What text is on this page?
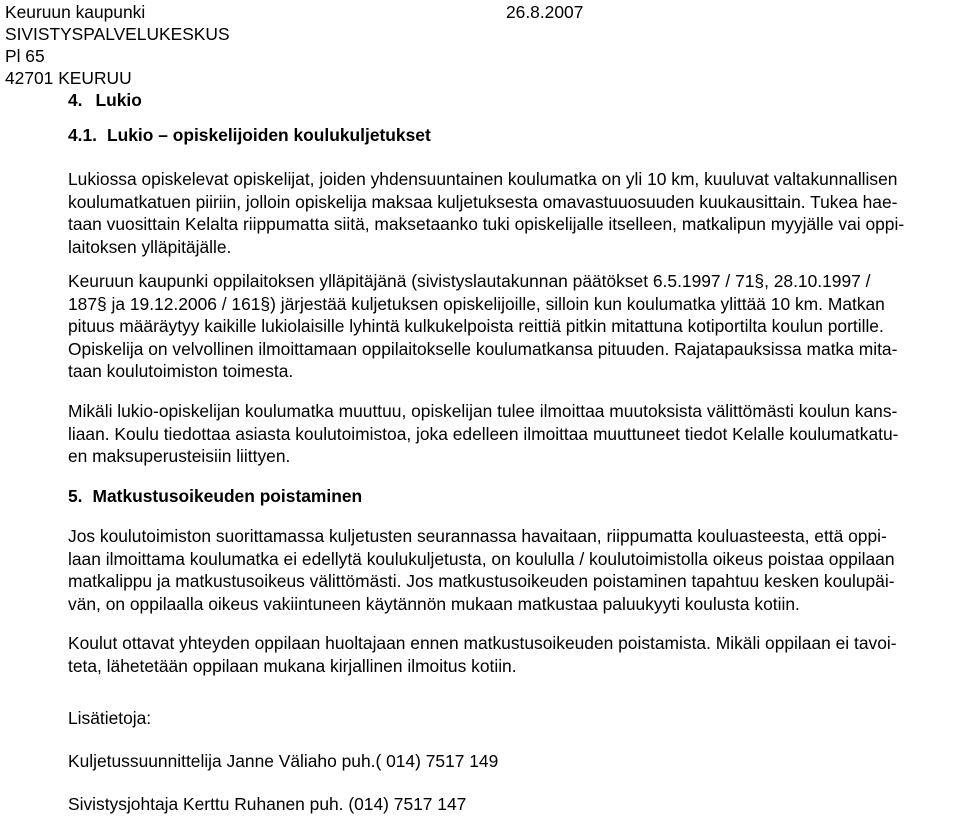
Keuruun kaupunki	26.8.2007
SIVISTYSPALVELUKESKUS
Pl 65
42701 KEURUU
4. Lukio
4.1. Lukio – opiskelijoiden koulukuljetukset
Lukiossa opiskelevat opiskelijat, joiden yhdensuuntainen koulumatka on yli 10 km, kuuluvat valtakunnallisen
koulumatkatuen piiriin, jolloin opiskelija maksaa kuljetuksesta omavastuuosuuden kuukausittain. Tukea hae-
taan vuosittain Kelalta riippumatta siitä, maksetaanko tuki opiskelijalle itselleen, matkalipun myyjälle vai oppi-
laitoksen ylläpitäjälle.
Keuruun kaupunki oppilaitoksen ylläpitäjänä (sivistyslautakunnan päätökset 6.5.1997 / 71§, 28.10.1997 /
187§ ja 19.12.2006 / 161§) järjestää kuljetuksen opiskelijoille, silloin kun koulumatka ylittää 10 km. Matkan
pituus määräytyy kaikille lukiolaisille lyhintä kulkukelpoista reittiä pitkin mitattuna kotiportilta koulun portille.
Opiskelija on velvollinen ilmoittamaan oppilaitokselle koulumatkansa pituuden. Rajatapauksissa matka mita-
taan koulutoimiston toimesta.
Mikäli lukio-opiskelijan koulumatka muuttuu, opiskelijan tulee ilmoittaa muutoksista välittömästi koulun kans-
liaan. Koulu tiedottaa asiasta koulutoimistoa, joka edelleen ilmoittaa muuttuneet tiedot Kelalle koulumatkatu-
en maksuperusteisiin liittyen.
5. Matkustusoikeuden poistaminen
Jos koulutoimiston suorittamassa kuljetusten seurannassa havaitaan, riippumatta kouluasteesta, että oppi-
laan ilmoittama koulumatka ei edellytä koulukuljetusta, on koululla / koulutoimistolla oikeus poistaa oppilaan
matkalippu ja matkustusoikeus välittömästi. Jos matkustusoikeuden poistaminen tapahtuu kesken koulupäi-
vän, on oppilaalla oikeus vakiintuneen käytännön mukaan matkustaa paluukyyti koulusta kotiin.
Koulut ottavat yhteyden oppilaan huoltajaan ennen matkustusoikeuden poistamista. Mikäli oppilaan ei tavoi-
teta, lähetetään oppilaan mukana kirjallinen ilmoitus kotiin.
Lisätietoja:
Kuljetussuunnittelija Janne Väliaho puh.( 014) 7517 149
Sivistysjohtaja Kerttu Ruhanen puh. (014) 7517 147
